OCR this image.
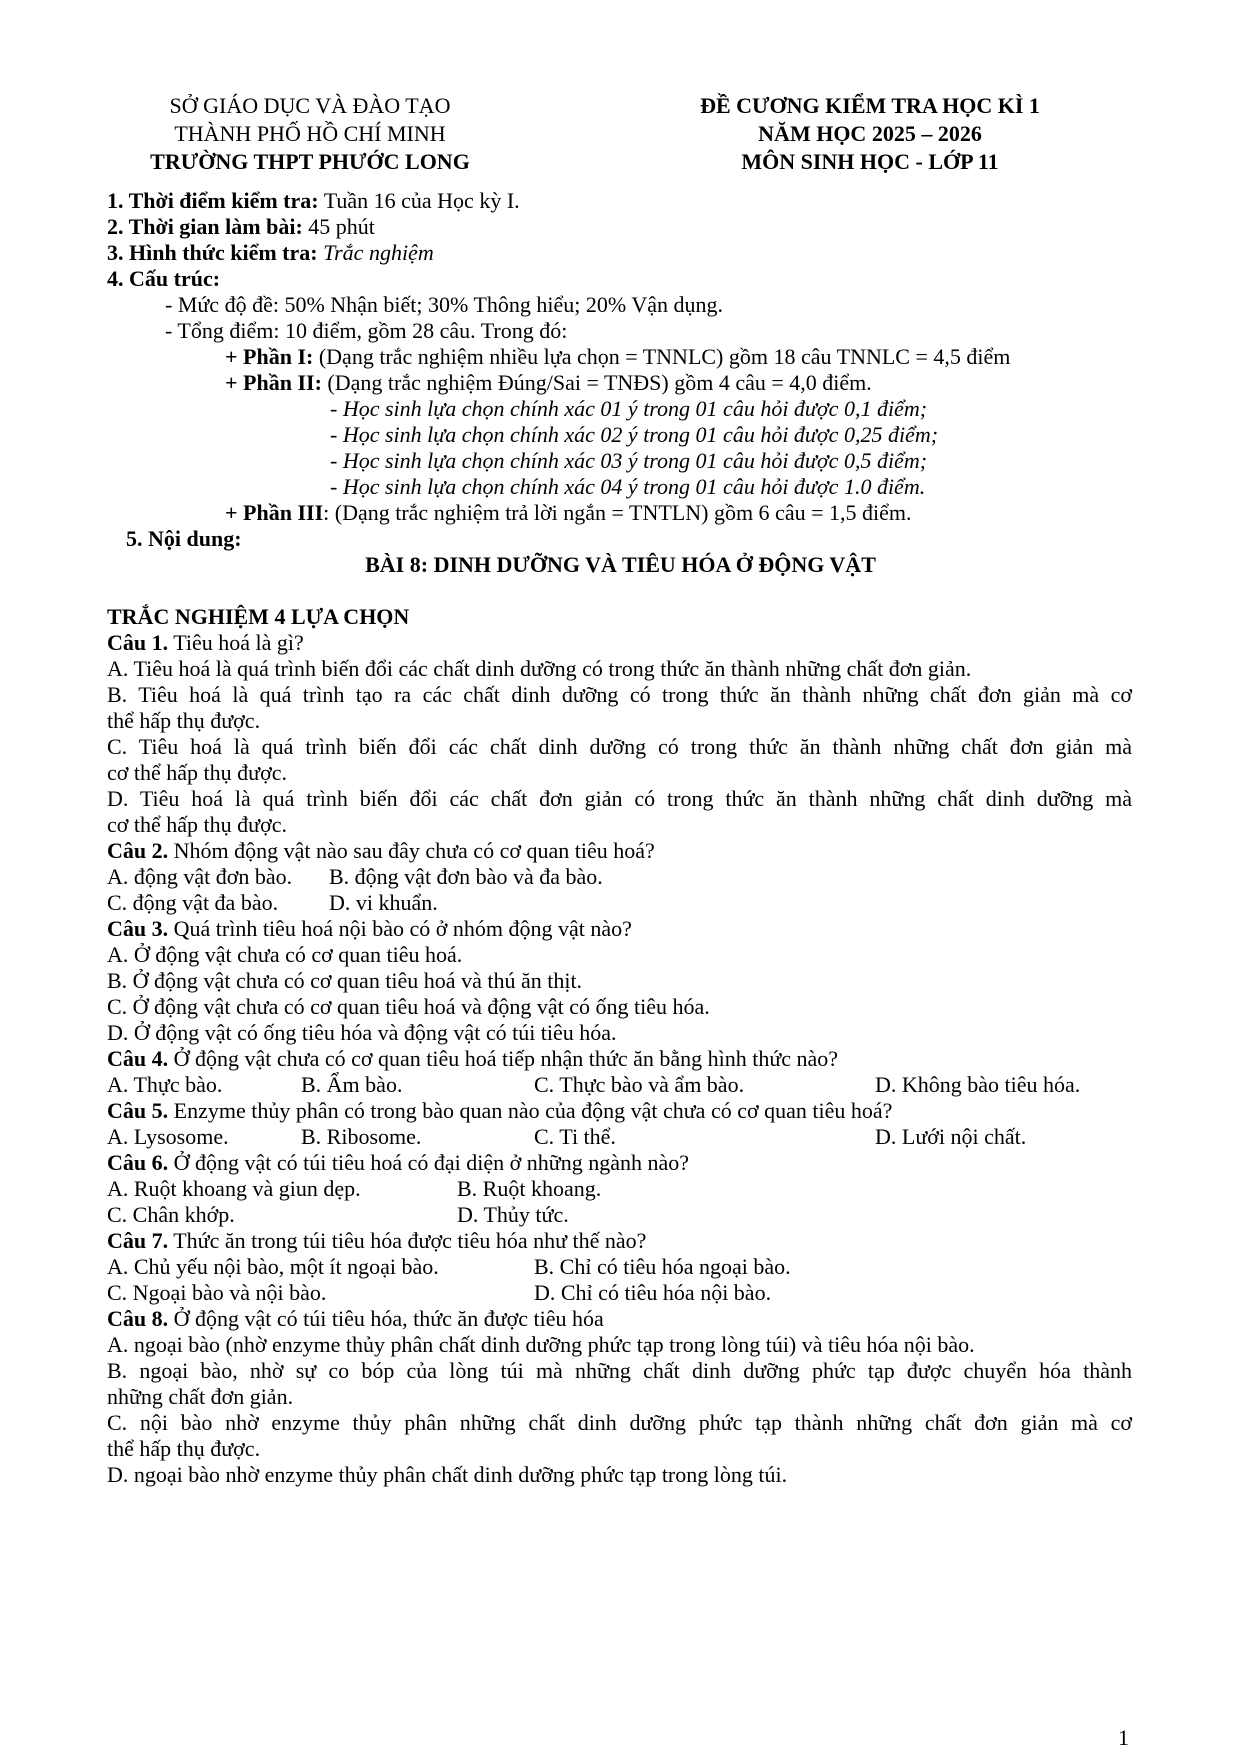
SỞ GIÁO DỤC VÀ ĐÀO TẠO
THÀNH PHỐ HỒ CHÍ MINH
TRƯỜNG THPT PHƯỚC LONG
ĐỀ CƯƠNG KIỂM TRA HỌC KÌ 1
NĂM HỌC 2025 – 2026
MÔN SINH HỌC - LỚP 11
1. Thời điểm kiểm tra: Tuần 16 của Học kỳ I.
2. Thời gian làm bài: 45 phút
3. Hình thức kiểm tra: Trắc nghiệm
4. Cấu trúc:
- Mức độ đề: 50% Nhận biết; 30% Thông hiểu; 20% Vận dụng.
- Tổng điểm: 10 điểm, gồm 28 câu. Trong đó:
+ Phần I: (Dạng trắc nghiệm nhiều lựa chọn = TNNLC) gồm 18 câu TNNLC = 4,5 điểm
+ Phần II: (Dạng trắc nghiệm Đúng/Sai = TNĐS) gồm 4 câu = 4,0 điểm.
- Học sinh lựa chọn chính xác 01 ý trong 01 câu hỏi được 0,1 điểm;
- Học sinh lựa chọn chính xác 02 ý trong 01 câu hỏi được 0,25 điểm;
- Học sinh lựa chọn chính xác 03 ý trong 01 câu hỏi được 0,5 điểm;
- Học sinh lựa chọn chính xác 04 ý trong 01 câu hỏi được 1.0 điểm.
+ Phần III: (Dạng trắc nghiệm trả lời ngắn = TNTLN) gồm 6 câu = 1,5 điểm.
5. Nội dung:
BÀI 8: DINH DƯỠNG VÀ TIÊU HÓA Ở ĐỘNG VẬT
TRẮC NGHIỆM 4 LỰA CHỌN
Câu 1. Tiêu hoá là gì?
A. Tiêu hoá là quá trình biến đổi các chất dinh dưỡng có trong thức ăn thành những chất đơn giản.
B. Tiêu hoá là quá trình tạo ra các chất dinh dưỡng có trong thức ăn thành những chất đơn giản mà cơ
thể hấp thụ được.
C. Tiêu hoá là quá trình biến đổi các chất dinh dưỡng có trong thức ăn thành những chất đơn giản mà
cơ thể hấp thụ được.
D. Tiêu hoá là quá trình biến đổi các chất đơn giản có trong thức ăn thành những chất dinh dưỡng mà
cơ thể hấp thụ được.
Câu 2. Nhóm động vật nào sau đây chưa có cơ quan tiêu hoá?
A. động vật đơn bào. B. động vật đơn bào và đa bào.
C. động vật đa bào. D. vi khuẩn.
Câu 3. Quá trình tiêu hoá nội bào có ở nhóm động vật nào?
A. Ở động vật chưa có cơ quan tiêu hoá.
B. Ở động vật chưa có cơ quan tiêu hoá và thú ăn thịt.
C. Ở động vật chưa có cơ quan tiêu hoá và động vật có ống tiêu hóa.
D. Ở động vật có ống tiêu hóa và động vật có túi tiêu hóa.
Câu 4. Ở động vật chưa có cơ quan tiêu hoá tiếp nhận thức ăn bằng hình thức nào?
A. Thực bào.	B. Ẩm bào.	C. Thực bào và ẩm bào.	D. Không bào tiêu hóa.
Câu 5. Enzyme thủy phân có trong bào quan nào của động vật chưa có cơ quan tiêu hoá?
A. Lysosome.	B. Ribosome.	C. Ti thể.	D. Lưới nội chất.
Câu 6. Ở động vật có túi tiêu hoá có đại diện ở những ngành nào?
A. Ruột khoang và giun dẹp.	B. Ruột khoang.
C. Chân khớp.	D. Thủy tức.
Câu 7. Thức ăn trong túi tiêu hóa được tiêu hóa như thế nào?
A. Chủ yếu nội bào, một ít ngoại bào.	B. Chỉ có tiêu hóa ngoại bào.
C. Ngoại bào và nội bào.	D. Chỉ có tiêu hóa nội bào.
Câu 8. Ở động vật có túi tiêu hóa, thức ăn được tiêu hóa
A. ngoại bào (nhờ enzyme thủy phân chất dinh dưỡng phức tạp trong lòng túi) và tiêu hóa nội bào.
B. ngoại bào, nhờ sự co bóp của lòng túi mà những chất dinh dưỡng phức tạp được chuyển hóa thành
những chất đơn giản.
C. nội bào nhờ enzyme thủy phân những chất dinh dưỡng phức tạp thành những chất đơn giản mà cơ
thể hấp thụ được.
D. ngoại bào nhờ enzyme thủy phân chất dinh dưỡng phức tạp trong lòng túi.
1
